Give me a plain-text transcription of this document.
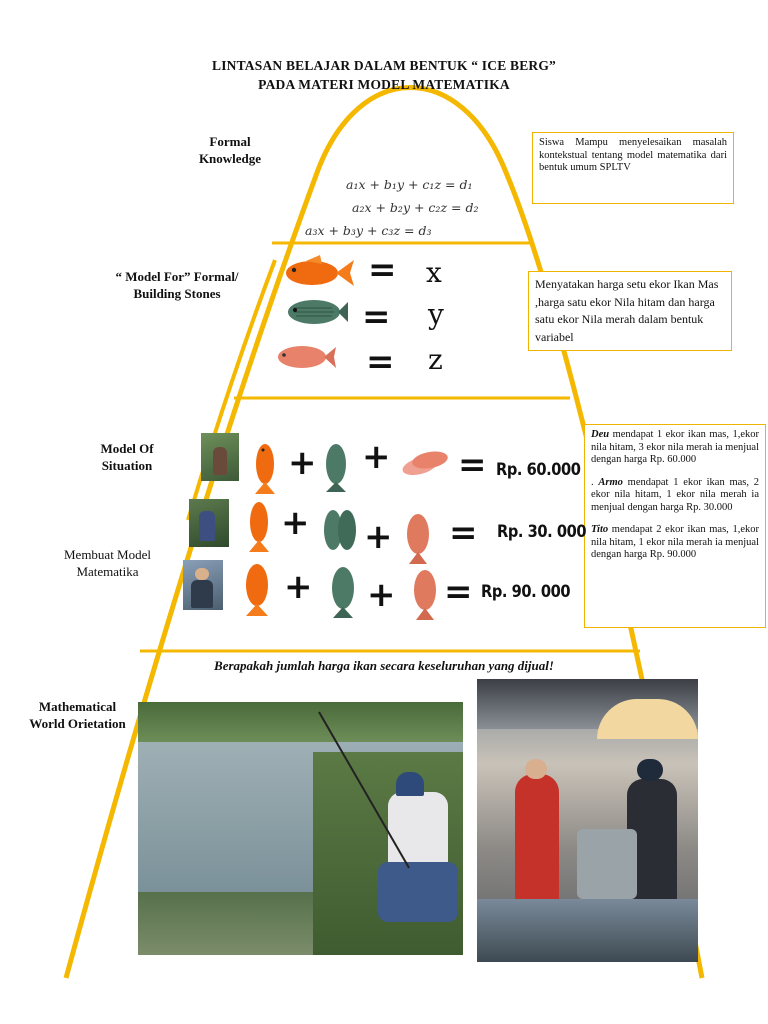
LINTASAN BELAJAR DALAM BENTUK “ ICE BERG”
PADA MATERI MODEL MATEMATIKA
Formal Knowledge
“ Model For” Formal/ Building Stones
Model Of Situation
Membuat Model Matematika
Mathematical World Orietation
a₁x + b₁y + c₁z = d₁
a₂x + b₂y + c₂z = d₂
a₃x + b₃y + c₃z = d₃
Siswa Mampu menyelesaikan masalah kontekstual tentang model matematika dari bentuk umum SPLTV
Menyatakan harga setu ekor Ikan Mas ,harga satu ekor Nila hitam dan harga satu ekor Nila merah dalam bentuk variabel

Deu mendapat 1 ekor ikan mas, 1,ekor nila hitam, 3 ekor nila merah ia menjual dengan harga Rp. 60.000

. Armo mendapat 1 ekor ikan mas, 2 ekor nila hitam, 1 ekor nila merah ia menjual dengan harga Rp. 30.000

Tito mendapat 2 ekor ikan mas, 1,ekor nila hitam, 1 ekor nila merah ia menjual dengan harga Rp. 90.000

= x
= y
= z
+ + = Rp. 60.000
+ + = Rp. 30. 000
+ + = Rp. 90. 000
Berapakah jumlah harga ikan secara keseluruhan yang dijual!
